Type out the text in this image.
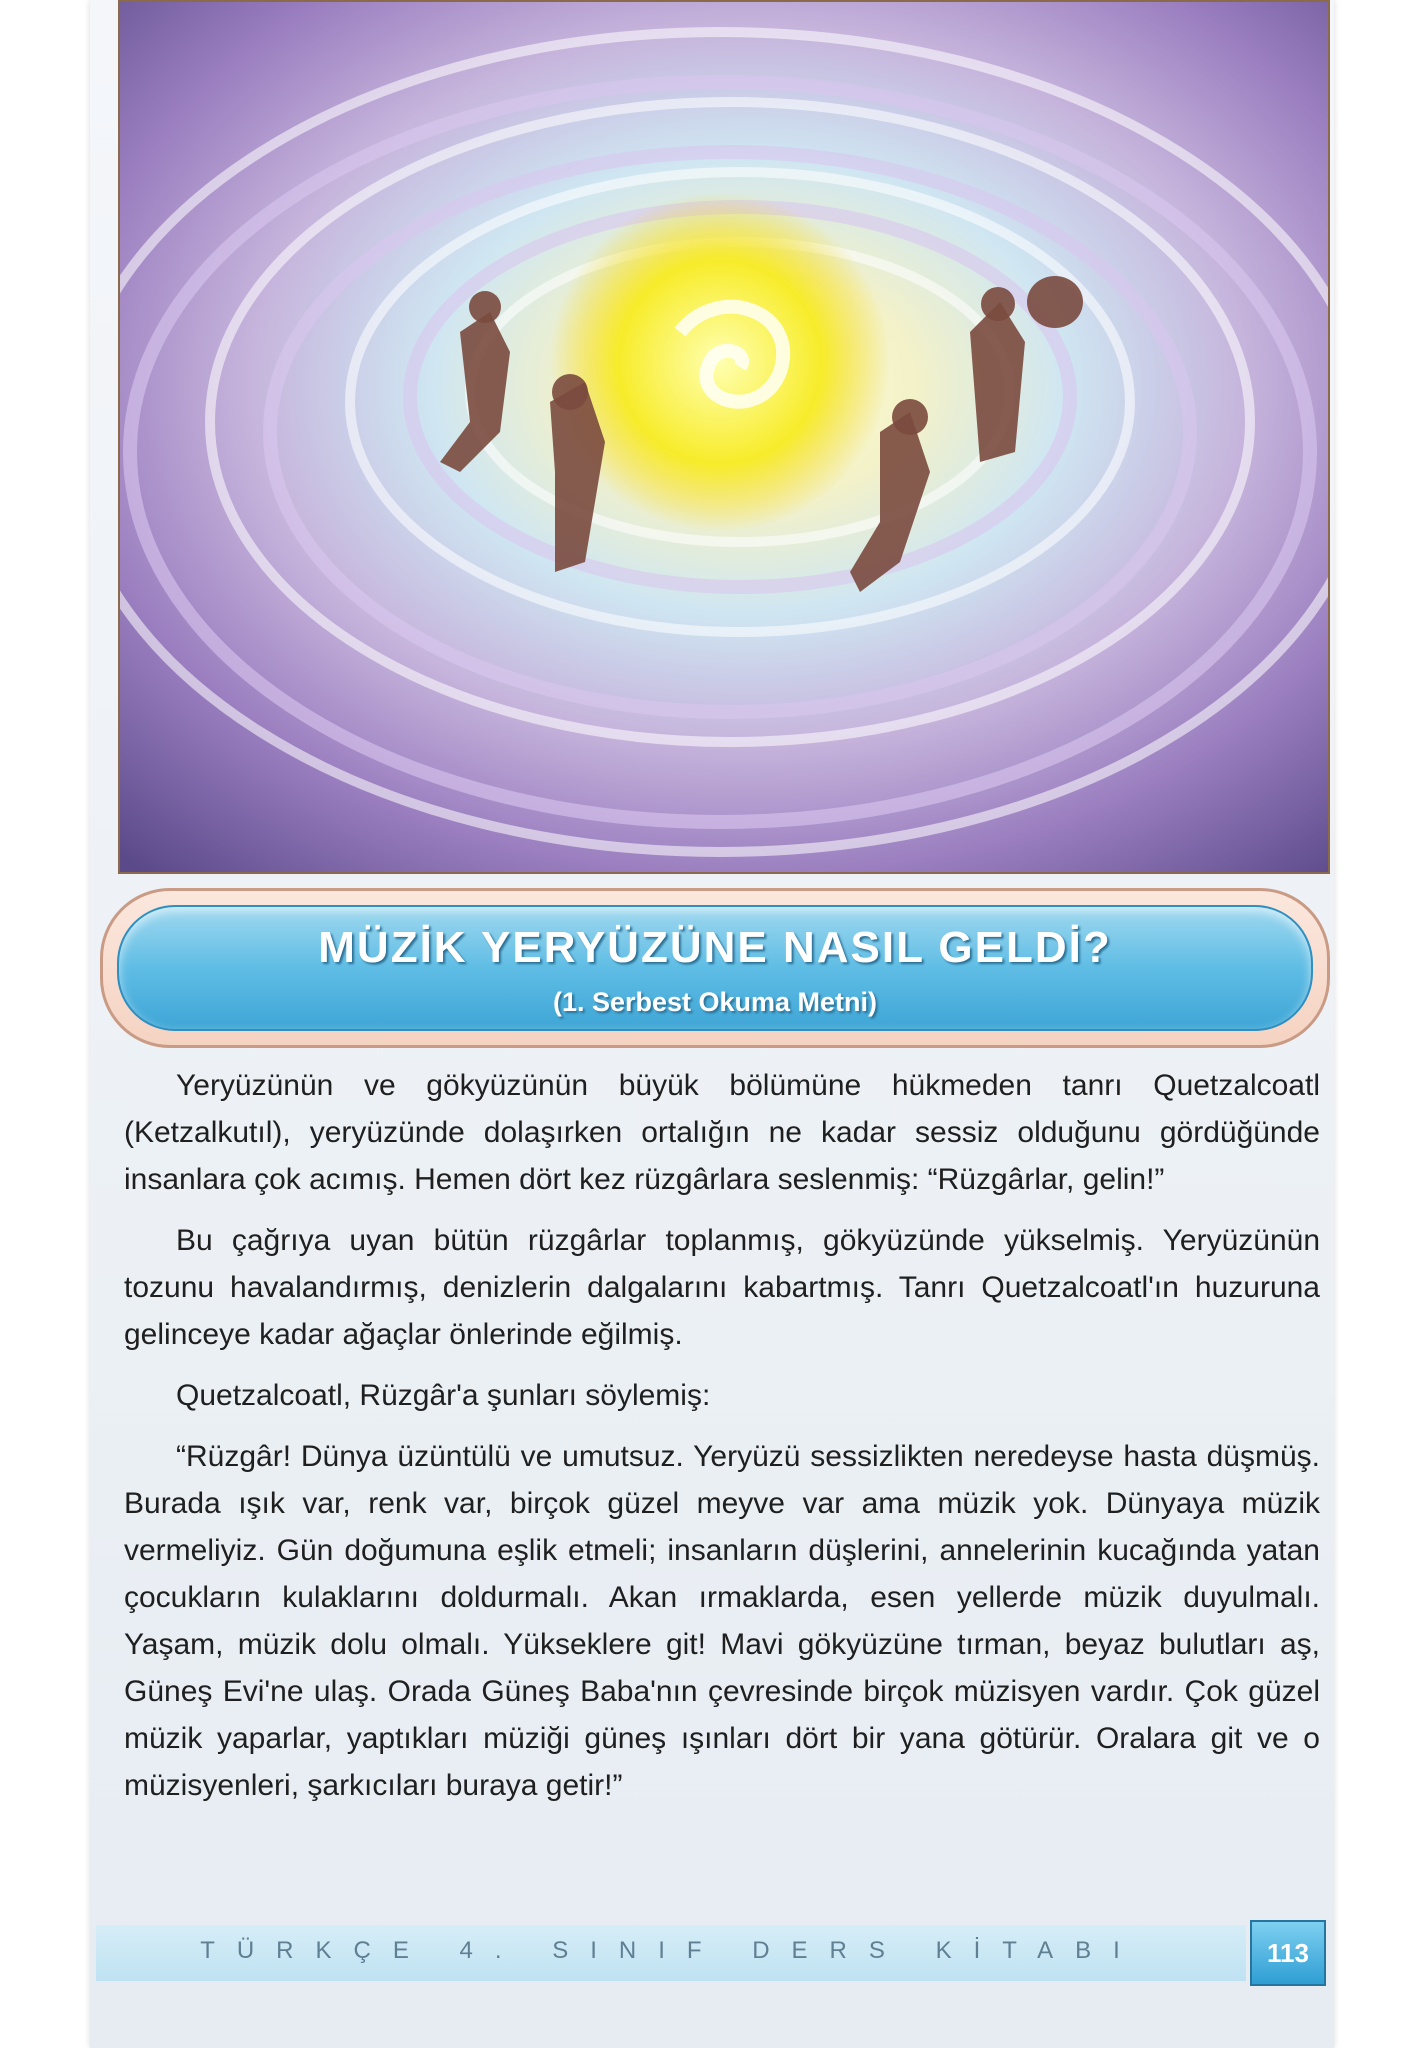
MÜZİK YERYÜZÜNE NASIL GELDİ?
(1. Serbest Okuma Metni)

Yeryüzünün ve gökyüzünün büyük bölümüne hükmeden tanrı Quetzalcoatl (Ketzalkutıl), yeryüzünde dolaşırken ortalığın ne kadar sessiz olduğunu gördüğünde insanlara çok acımış. Hemen dört kez rüzgârlara seslenmiş: “Rüzgârlar, gelin!”

Bu çağrıya uyan bütün rüzgârlar toplanmış, gökyüzünde yükselmiş. Yeryüzünün tozunu havalandırmış, denizlerin dalgalarını kabartmış. Tanrı Quetzalcoatl'ın huzuruna gelinceye kadar ağaçlar önlerinde eğilmiş.

Quetzalcoatl, Rüzgâr'a şunları söylemiş:

“Rüzgâr! Dünya üzüntülü ve umutsuz. Yeryüzü sessizlikten neredeyse hasta düşmüş. Burada ışık var, renk var, birçok güzel meyve var ama müzik yok. Dünyaya müzik vermeliyiz. Gün doğumuna eşlik etmeli; insanların düşlerini, annelerinin kucağında yatan çocukların kulaklarını doldurmalı. Akan ırmaklarda, esen yellerde müzik duyulmalı. Yaşam, müzik dolu olmalı. Yükseklere git! Mavi gökyüzüne tırman, beyaz bulutları aş, Güneş Evi'ne ulaş. Orada Güneş Baba'nın çevresinde birçok müzisyen vardır. Çok güzel müzik yaparlar, yaptıkları müziği güneş ışınları dört bir yana götürür. Oralara git ve o müzisyenleri, şarkıcıları buraya getir!”

TÜRKÇE 4. SINIF DERS KİTABI	113
